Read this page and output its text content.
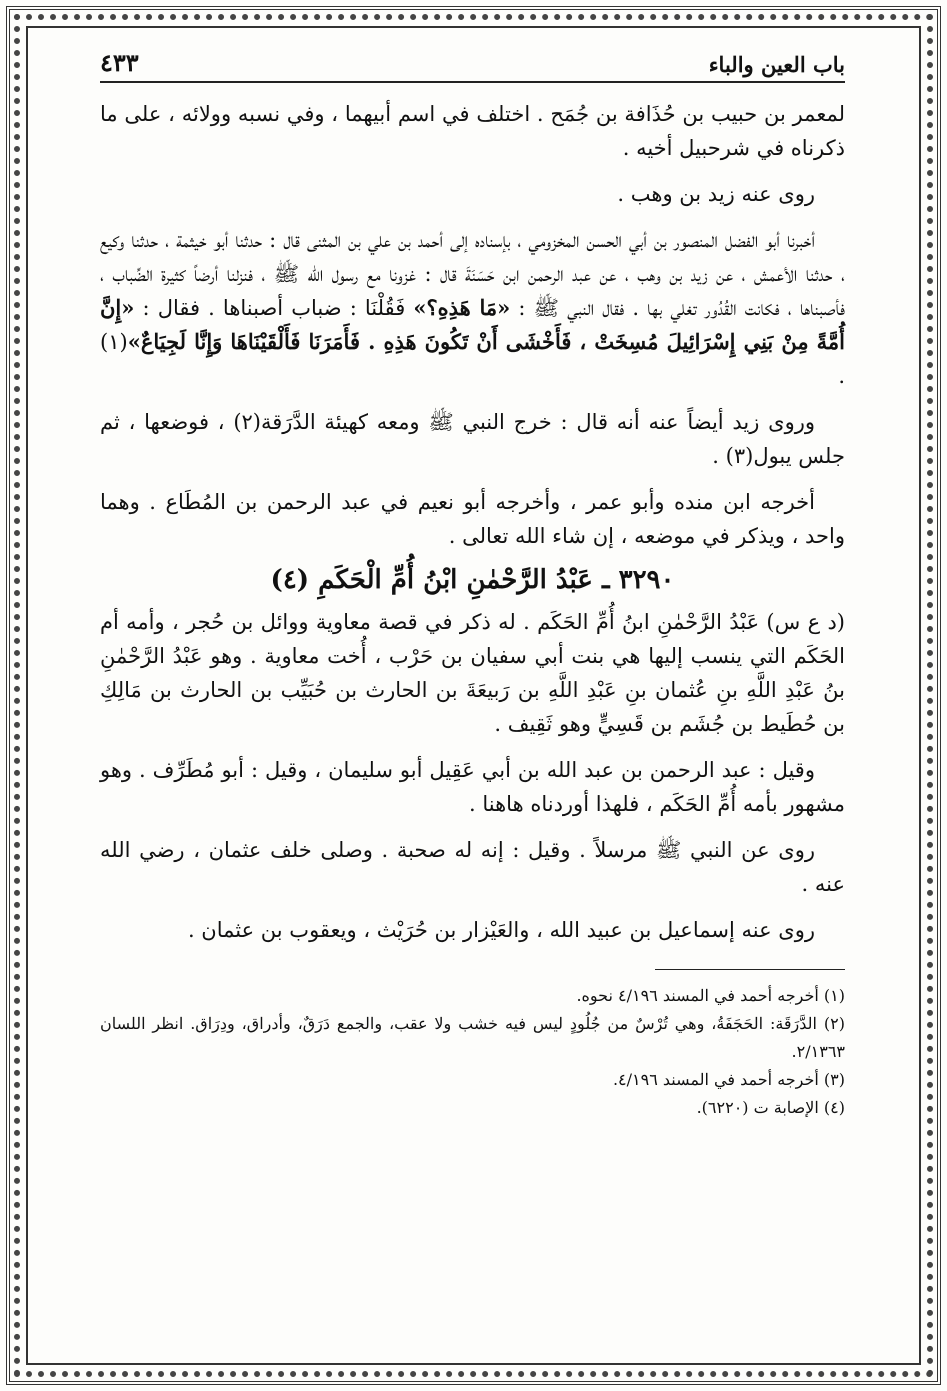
باب العين والباء
٤٣٣

لمعمر بن حبيب بن حُذَافة بن جُمَح . اختلف في اسم أبيهما ، وفي نسبه وولائه ، على ما ذكرناه في شرحبيل أخيه .

روى عنه زيد بن وهب .

أخبرنا أبو الفضل المنصور بن أبي الحسن المخزومي ، بإسناده إلى أحمد بن علي بن المثنى قال : حدثنا أبو خيثمة ، حدثنا وكيع ، حدثنا الأعمش ، عن زيد بن وهب ، عن عبد الرحمن ابن حَسَنَةَ قال : غزونا مع رسول الله ﷺ ، فنزلنا أرضاً كثيرة الضِّباب ، فأصبناها ، فكانت القُدُور تغلي بها . فقال النبي ﷺ : «مَا هَذِهِ؟» فَقُلْنَا : ضباب أصبناها . فقال : «إِنَّ أُمَّةً مِنْ بَنِي إِسْرَائِيلَ مُسِخَتْ ، فَأَخْشَى أَنْ تَكُونَ هَذِهِ . فَأَمَرَنَا فَأَلْقَيْنَاهَا وَإِنَّا لَجِيَاعٌ»(١) .

وروى زيد أيضاً عنه أنه قال : خرج النبي ﷺ ومعه كهيئة الدَّرَقة(٢) ، فوضعها ، ثم جلس يبول(٣) .

أخرجه ابن منده وأبو عمر ، وأخرجه أبو نعيم في عبد الرحمن بن المُطَاع . وهما واحد ، ويذكر في موضعه ، إن شاء الله تعالى .

٣٢٩٠ ـ عَبْدُ الرَّحْمٰنِ ابْنُ أُمِّ الْحَكَمِ (٤)

(د ع س) عَبْدُ الرَّحْمٰنِ ابنُ أُمِّ الحَكَم . له ذكر في قصة معاوية ووائل بن حُجر ، وأمه أم الحَكَم التي ينسب إليها هي بنت أبي سفيان بن حَرْب ، أُخت معاوية . وهو عَبْدُ الرَّحْمٰنِ بنُ عَبْدِ اللَّهِ بنِ عُثمان بنِ عَبْدِ اللَّهِ بن رَبيعَةَ بن الحارث بن حُبَيِّب بن الحارث بن مَالِكِ بن حُطَيط بن جُشَم بن قَسِيٍّ وهو ثَقِيف .

وقيل : عبد الرحمن بن عبد الله بن أبي عَقِيل أبو سليمان ، وقيل : أبو مُطَرِّف . وهو مشهور بأمه أُمِّ الحَكَم ، فلهذا أوردناه هاهنا .

روى عن النبي ﷺ مرسلاً . وقيل : إنه له صحبة . وصلى خلف عثمان ، رضي الله عنه .

روى عنه إسماعيل بن عبيد الله ، والعَيْزار بن حُرَيْث ، ويعقوب بن عثمان .

(١) أخرجه أحمد في المسند ٤/١٩٦ نحوه.

(٢) الدَّرَقَة: الحَجَفَةُ، وهي تُرْسٌ من جُلُودٍ ليس فيه خشب ولا عقب، والجمع دَرَقٌ، وأدراق، ودِرَاق. انظر اللسان ٢/١٣٦٣.

(٣) أخرجه أحمد في المسند ٤/١٩٦.

(٤) الإصابة ت (٦٢٢٠).
